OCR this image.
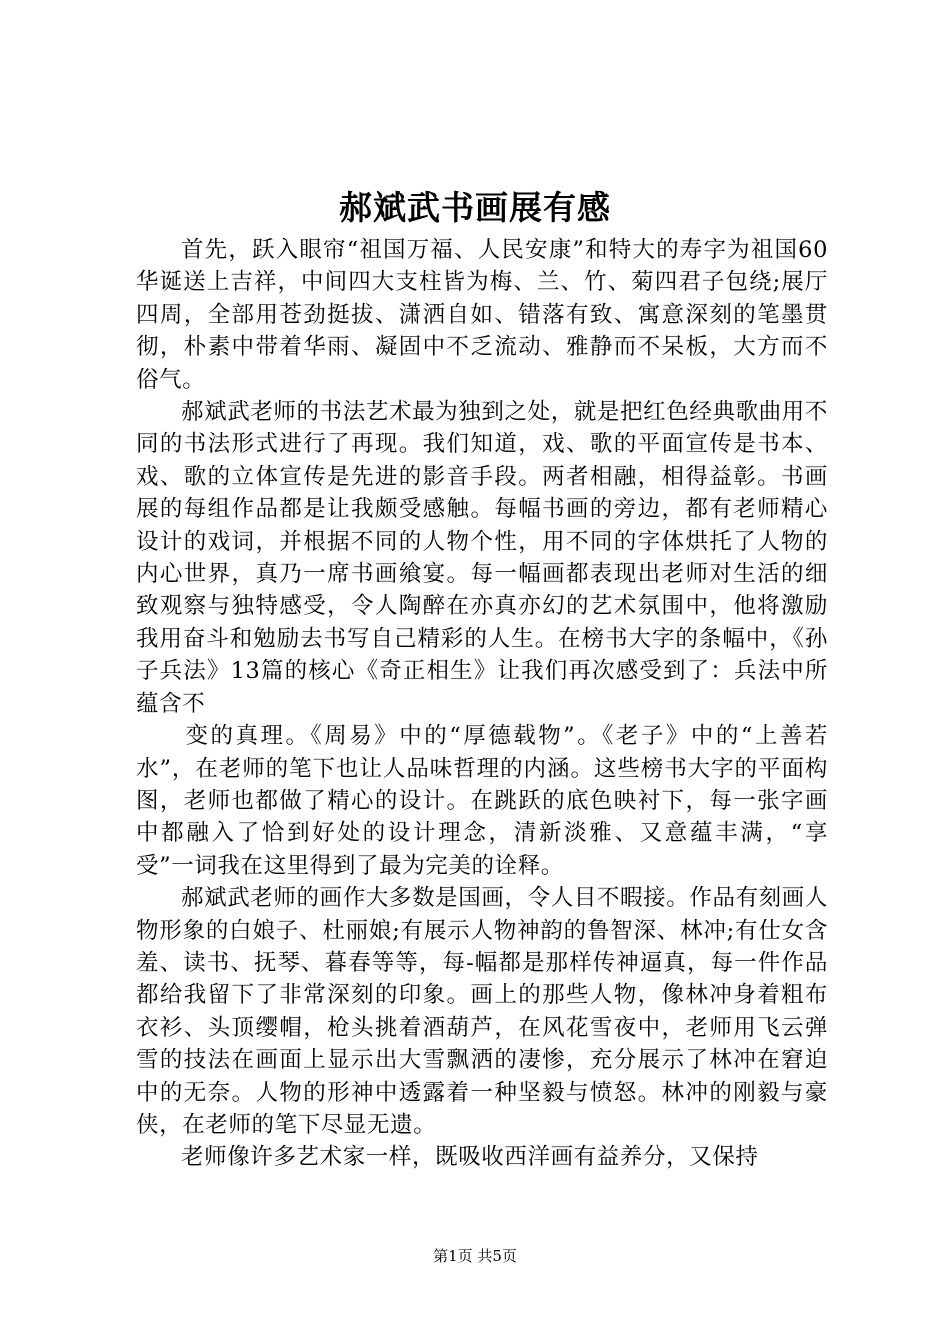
郝斌武书画展有感

首先，跃入眼帘“祖国万福、人民安康”和特大的寿字为祖国60华诞送上吉祥，中间四大支柱皆为梅、兰、竹、菊四君子包绕;展厅四周，全部用苍劲挺拔、潇洒自如、错落有致、寓意深刻的笔墨贯彻，朴素中带着华雨、凝固中不乏流动、雅静而不呆板，大方而不俗气。

郝斌武老师的书法艺术最为独到之处，就是把红色经典歌曲用不同的书法形式进行了再现。我们知道，戏、歌的平面宣传是书本、戏、歌的立体宣传是先进的影音手段。两者相融，相得益彰。书画展的每组作品都是让我颇受感触。每幅书画的旁边，都有老师精心设计的戏词，并根据不同的人物个性，用不同的字体烘托了人物的内心世界，真乃一席书画飨宴。每一幅画都表现出老师对生活的细致观察与独特感受，令人陶醉在亦真亦幻的艺术氛围中，他将激励我用奋斗和勉励去书写自己精彩的人生。在榜书大字的条幅中，《孙子兵法》13篇的核心《奇正相生》让我们再次感受到了：兵法中所蕴含不

变的真理。《周易》中的“厚德载物”。《老子》中的“上善若水”，在老师的笔下也让人品味哲理的内涵。这些榜书大字的平面构图，老师也都做了精心的设计。在跳跃的底色映衬下，每一张字画中都融入了恰到好处的设计理念，清新淡雅、又意蕴丰满，“享受”一词我在这里得到了最为完美的诠释。

郝斌武老师的画作大多数是国画，令人目不暇接。作品有刻画人物形象的白娘子、杜丽娘;有展示人物神韵的鲁智深、林冲;有仕女含羞、读书、抚琴、暮春等等，每-幅都是那样传神逼真，每一件作品都给我留下了非常深刻的印象。画上的那些人物，像林冲身着粗布衣衫、头顶缨帽，枪头挑着酒葫芦，在风花雪夜中，老师用飞云弹雪的技法在画面上显示出大雪飘洒的凄惨，充分展示了林冲在窘迫中的无奈。人物的形神中透露着一种坚毅与愤怒。林冲的刚毅与豪侠，在老师的笔下尽显无遗。

老师像许多艺术家一样，既吸收西洋画有益养分，又保持

第1页 共5页
